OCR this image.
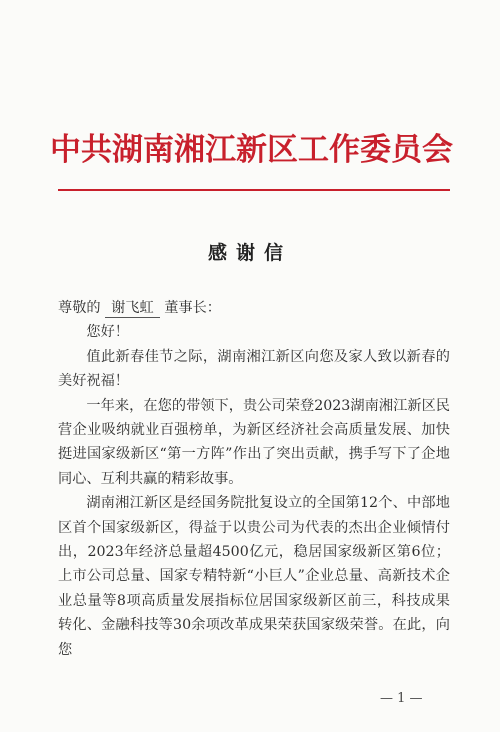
中共湖南湘江新区工作委员会
感谢信

尊敬的 谢飞虹 董事长：

您好！

值此新春佳节之际，湖南湘江新区向您及家人致以新春的美好祝福！

一年来，在您的带领下，贵公司荣登2023湖南湘江新区民营企业吸纳就业百强榜单，为新区经济社会高质量发展、加快挺进国家级新区“第一方阵”作出了突出贡献，携手写下了企地同心、互利共赢的精彩故事。

湖南湘江新区是经国务院批复设立的全国第12个、中部地区首个国家级新区，得益于以贵公司为代表的杰出企业倾情付出，2023年经济总量超4500亿元，稳居国家级新区第6位；上市公司总量、国家专精特新“小巨人”企业总量、高新技术企业总量等8项高质量发展指标位居国家级新区前三，科技成果转化、金融科技等30余项改革成果荣获国家级荣誉。在此，向您

— 1 —
